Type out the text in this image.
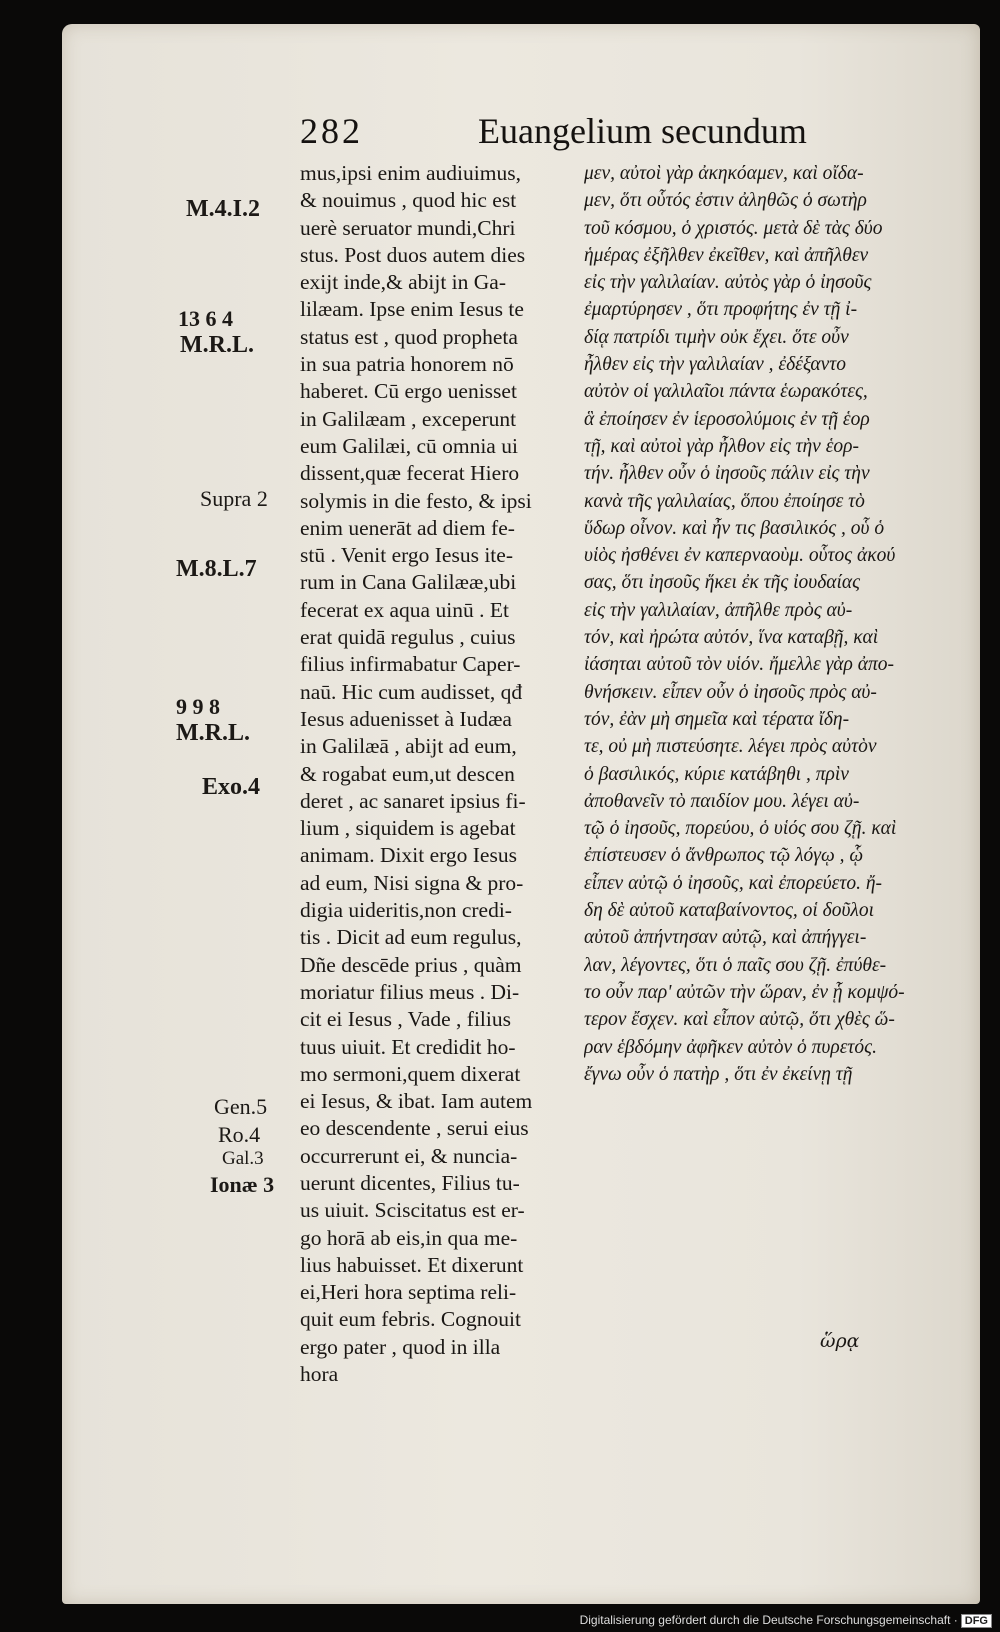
282	Euangelium secundum
M.4.I.2
13 6 4
M.R.L.
Supra 2
M.8.L.7
9 9 8
M.R.L.
Exo.4
Gen.5
Ro.4
Gal.3
Ionæ 3
mus,ipsi enim audiuimus,
& nouimus , quod hic est
uerè seruator mundi,Chri
stus. Post duos autem dies
exijt inde,& abijt in Ga-
lilæam. Ipse enim Iesus te
status est , quod propheta
in sua patria honorem nō
haberet. Cū ergo uenisset
in Galilæam , exceperunt
eum Galilæi, cū omnia ui
dissent,quæ fecerat Hiero
solymis in die festo, & ipsi
enim uenerāt ad diem fe-
stū . Venit ergo Iesus ite-
rum in Cana Galilææ,ubi
fecerat ex aqua uinū . Et
erat quidā regulus , cuius
filius infirmabatur Caper-
naū. Hic cum audisset, qđ
Iesus aduenisset à Iudæa
in Galilæā , abijt ad eum,
& rogabat eum,ut descen
deret , ac sanaret ipsius fi-
lium , siquidem is agebat
animam. Dixit ergo Iesus
ad eum, Nisi signa & pro-
digia uideritis,non credi-
tis . Dicit ad eum regulus,
Dñe descēde prius , quàm
moriatur filius meus . Di-
cit ei Iesus , Vade , filius
tuus uiuit. Et credidit ho-
mo sermoni,quem dixerat
ei Iesus, & ibat. Iam autem
eo descendente , serui eius
occurrerunt ei, & nuncia-
uerunt dicentes, Filius tu-
us uiuit. Sciscitatus est er-
go horā ab eis,in qua me-
lius habuisset. Et dixerunt
ei,Heri hora septima reli-
quit eum febris. Cognouit
ergo pater , quod in illa
hora
μεν, αὐτοὶ γὰρ ἀκηκόαμεν, καὶ οἴδα-
μεν, ὅτι οὗτός ἐστιν ἀληθῶς ὁ σωτὴρ
τοῦ κόσμου, ὁ χριστός. μετὰ δὲ τὰς δύο
ἡμέρας ἐξῆλθεν ἐκεῖθεν, καὶ ἀπῆλθεν
εἰς τὴν γαλιλαίαν. αὐτὸς γὰρ ὁ ἰησοῦς
ἐμαρτύρησεν , ὅτι προφήτης ἐν τῇ ἰ-
δίᾳ πατρίδι τιμὴν οὐκ ἔχει. ὅτε οὖν
ἦλθεν εἰς τὴν γαλιλαίαν , ἐδέξαντο
αὐτὸν οἱ γαλιλαῖοι πάντα ἑωρακότες,
ἃ ἐποίησεν ἐν ἱεροσολύμοις ἐν τῇ ἑορ
τῇ, καὶ αὐτοὶ γὰρ ἦλθον εἰς τὴν ἑορ-
τήν. ἦλθεν οὖν ὁ ἰησοῦς πάλιν εἰς τὴν
κανὰ τῆς γαλιλαίας, ὅπου ἐποίησε τὸ
ὕδωρ οἶνον. καὶ ἦν τις βασιλικός , οὗ ὁ
υἱὸς ἠσθένει ἐν καπερναοὺμ. οὗτος ἀκού
σας, ὅτι ἰησοῦς ἥκει ἐκ τῆς ἰουδαίας
εἰς τὴν γαλιλαίαν, ἀπῆλθε πρὸς αὐ-
τόν, καὶ ἠρώτα αὐτόν, ἵνα καταβῇ, καὶ
ἰάσηται αὐτοῦ τὸν υἱόν. ἤμελλε γὰρ ἀπο-
θνήσκειν. εἶπεν οὖν ὁ ἰησοῦς πρὸς αὐ-
τόν, ἐὰν μὴ σημεῖα καὶ τέρατα ἴδη-
τε, οὐ μὴ πιστεύσητε. λέγει πρὸς αὐτὸν
ὁ βασιλικός, κύριε κατάβηθι , πρὶν
ἀποθανεῖν τὸ παιδίον μου. λέγει αὐ-
τῷ ὁ ἰησοῦς, πορεύου, ὁ υἱός σου ζῇ. καὶ
ἐπίστευσεν ὁ ἄνθρωπος τῷ λόγῳ , ᾧ
εἶπεν αὐτῷ ὁ ἰησοῦς, καὶ ἐπορεύετο. ἤ-
δη δὲ αὐτοῦ καταβαίνοντος, οἱ δοῦλοι
αὐτοῦ ἀπήντησαν αὐτῷ, καὶ ἀπήγγει-
λαν, λέγοντες, ὅτι ὁ παῖς σου ζῇ. ἐπύθε-
το οὖν παρ' αὐτῶν τὴν ὥραν, ἐν ᾗ κομψό-
τερον ἔσχεν. καὶ εἶπον αὐτῷ, ὅτι χθὲς ὥ-
ραν ἑβδόμην ἀφῆκεν αὐτὸν ὁ πυρετός.
ἔγνω οὖν ὁ πατὴρ , ὅτι ἐν ἐκείνῃ τῇ
ὥρᾳ
Digitalisierung gefördert durch die Deutsche Forschungsgemeinschaft · DFG
